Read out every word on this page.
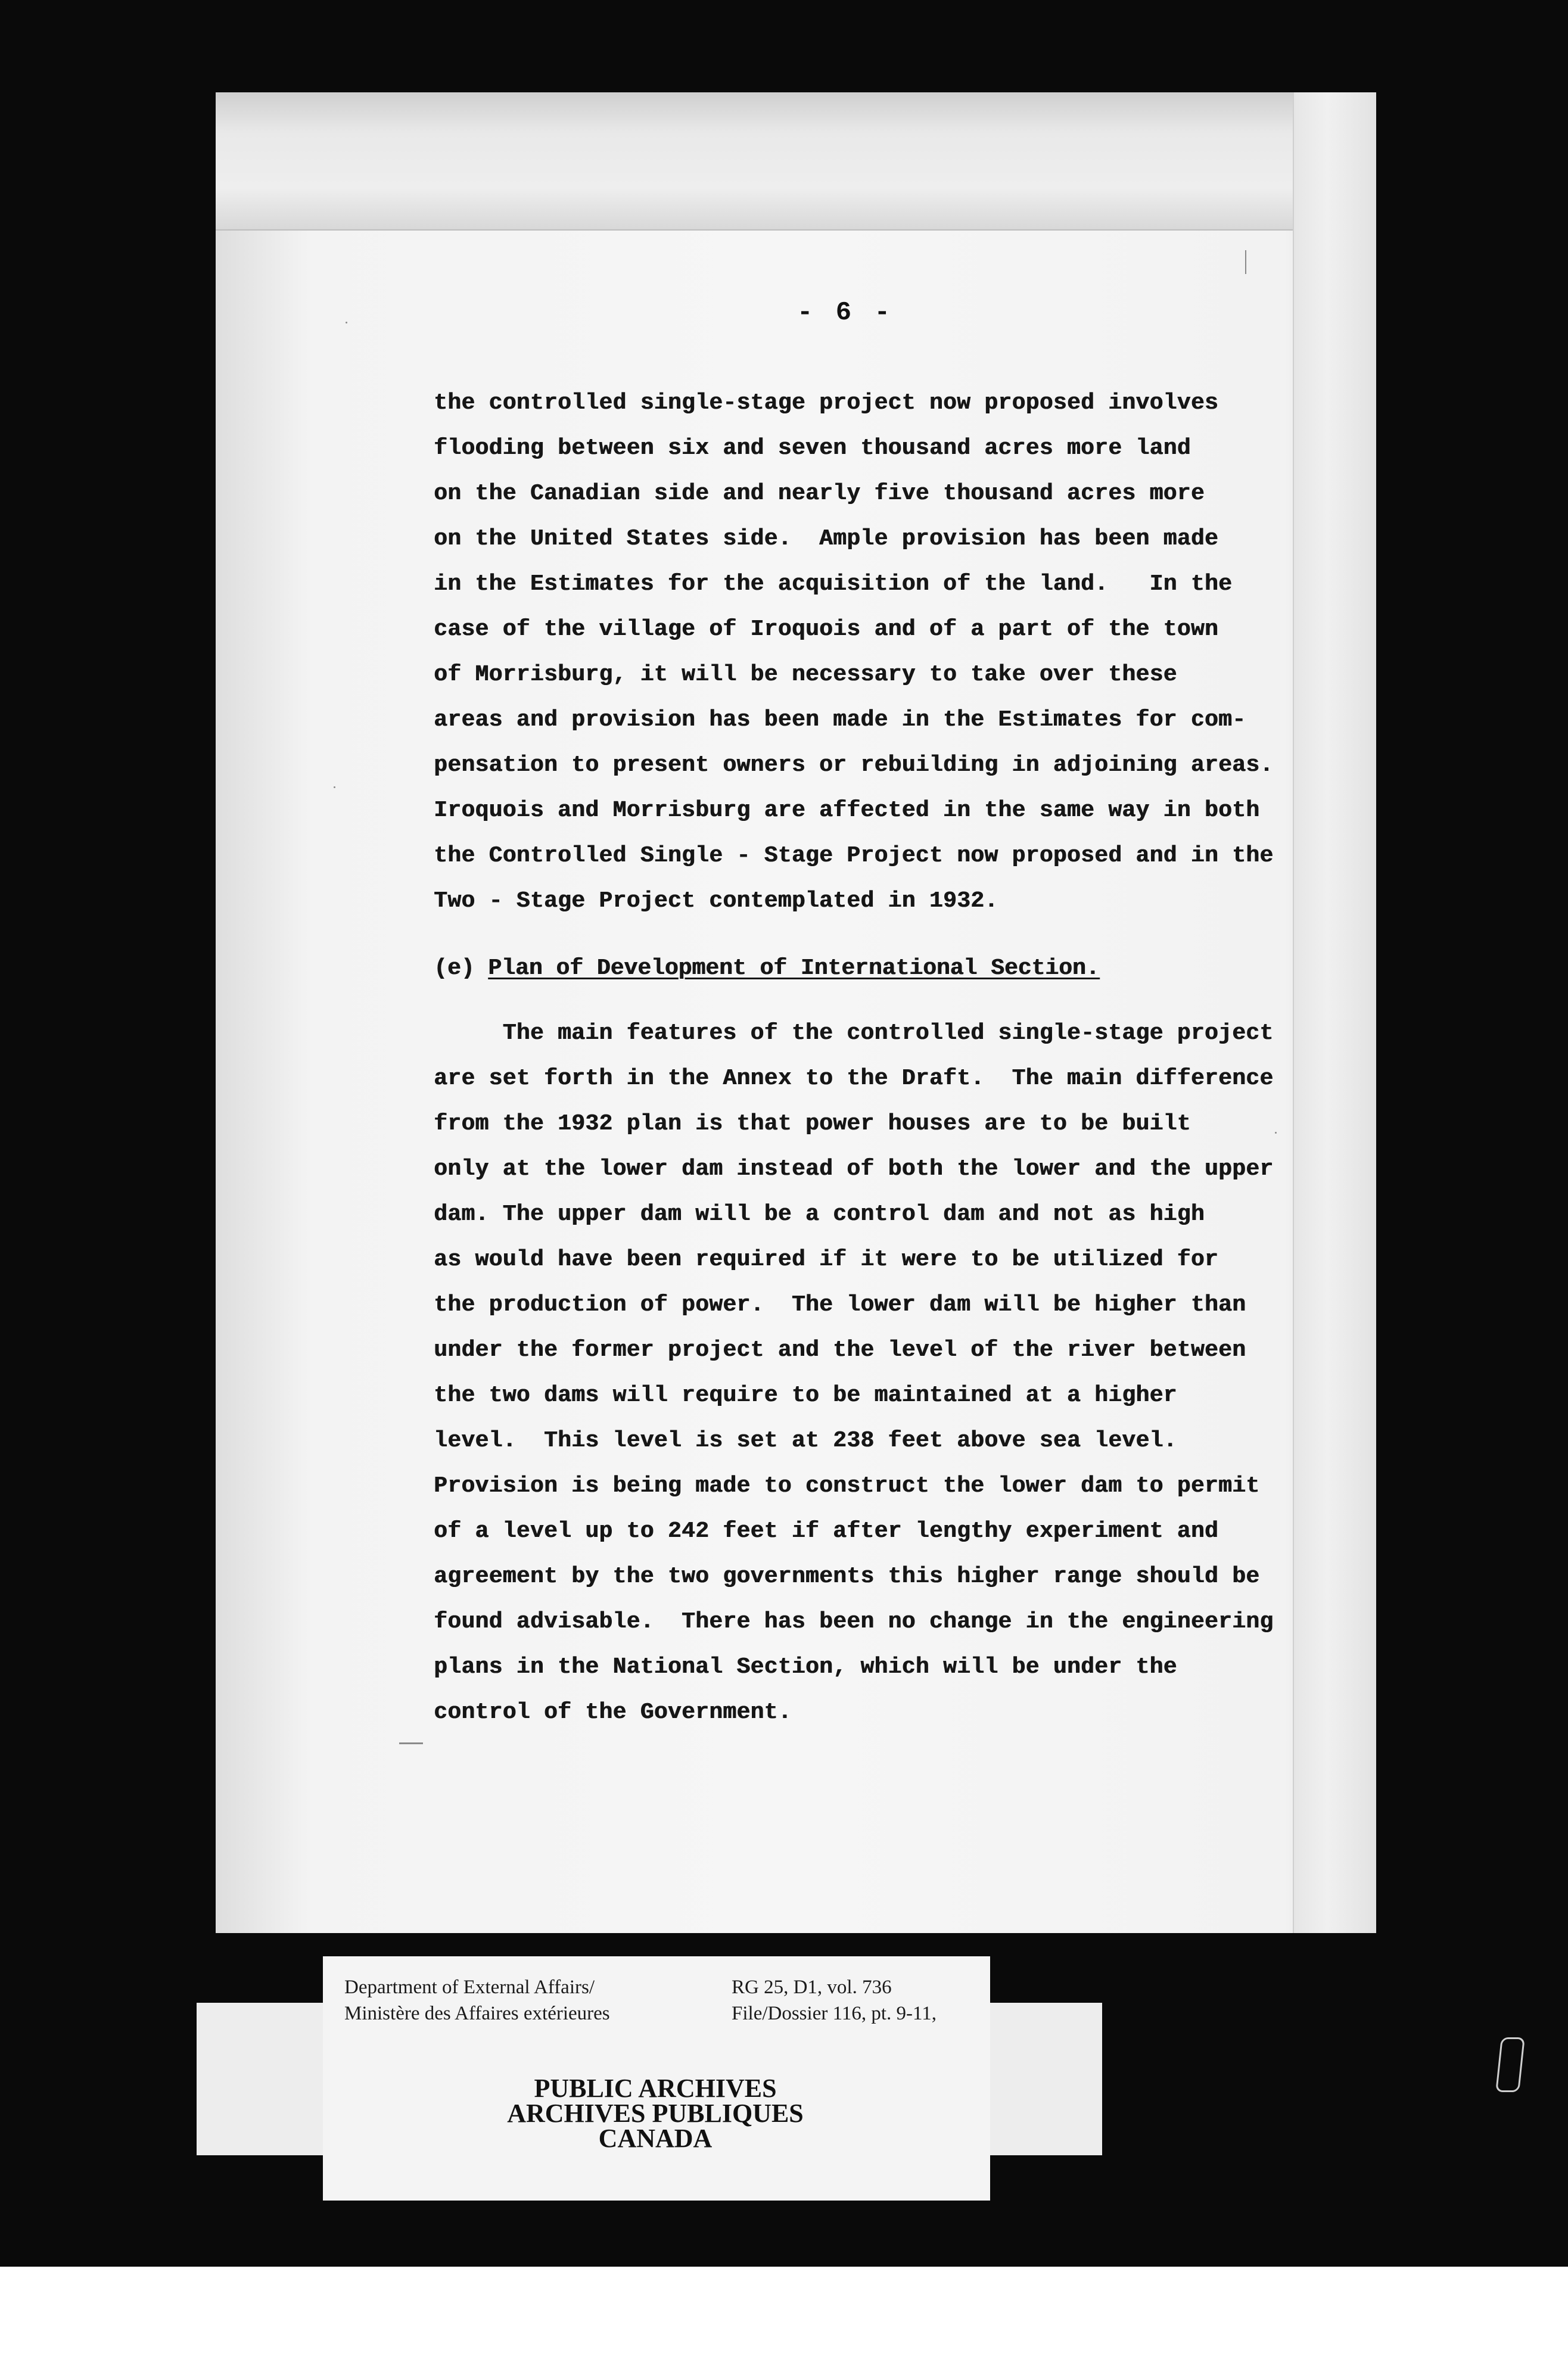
- 6 -
the controlled single-stage project now proposed involves
flooding between six and seven thousand acres more land
on the Canadian side and nearly five thousand acres more
on the United States side.  Ample provision has been made
in the Estimates for the acquisition of the land.   In the
case of the village of Iroquois and of a part of the town
of Morrisburg, it will be necessary to take over these
areas and provision has been made in the Estimates for com-
pensation to present owners or rebuilding in adjoining areas.
Iroquois and Morrisburg are affected in the same way in both
the Controlled Single - Stage Project now proposed and in the
Two - Stage Project contemplated in 1932.
(e) Plan of Development of International Section.
The main features of the controlled single-stage project
are set forth in the Annex to the Draft.  The main difference
from the 1932 plan is that power houses are to be built
only at the lower dam instead of both the lower and the upper
dam. The upper dam will be a control dam and not as high
as would have been required if it were to be utilized for
the production of power.  The lower dam will be higher than
under the former project and the level of the river between
the two dams will require to be maintained at a higher
level.  This level is set at 238 feet above sea level.
Provision is being made to construct the lower dam to permit
of a level up to 242 feet if after lengthy experiment and
agreement by the two governments this higher range should be
found advisable.  There has been no change in the engineering
plans in the National Section, which will be under the
control of the Government.
Department of External Affairs/
Ministère des Affaires extérieures
RG 25, D1, vol. 736
File/Dossier 116, pt. 9-11,
PUBLIC ARCHIVES
ARCHIVES PUBLIQUES
CANADA
